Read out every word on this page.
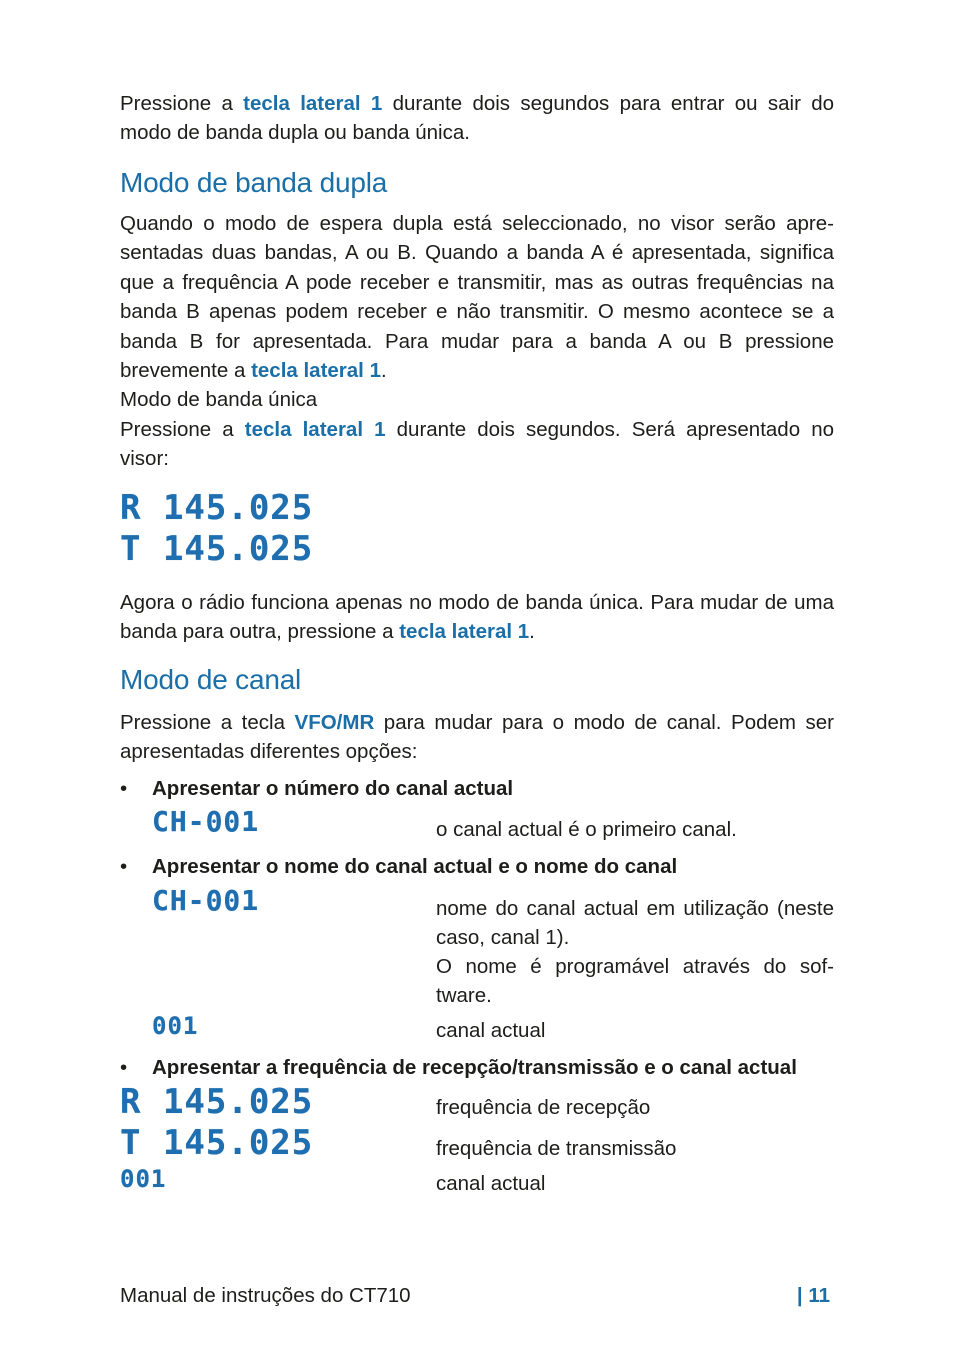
Pressione a tecla lateral 1 durante dois segundos para entrar ou sair do modo de banda dupla ou banda única.

Modo de banda dupla

Quando o modo de espera dupla está seleccionado, no visor serão apre-sentadas duas bandas, A ou B. Quando a banda A é apresentada, significa que a frequência A pode receber e transmitir, mas as outras frequências na banda B apenas podem receber e não transmitir. O mesmo acontece se a banda B for apresentada. Para mudar para a banda A ou B pressione brevemente a tecla lateral 1.

Modo de banda única

Pressione a tecla lateral 1 durante dois segundos. Será apresentado no visor:

R 145.025
T 145.025

Agora o rádio funciona apenas no modo de banda única. Para mudar de uma banda para outra, pressione a tecla lateral 1.

Modo de canal

Pressione a tecla VFO/MR para mudar para o modo de canal. Podem ser apresentadas diferentes opções:

• Apresentar o número do canal actual
CH-001	o canal actual é o primeiro canal.

• Apresentar o nome do canal actual e o nome do canal
CH-001	nome do canal actual em utilização (neste caso, canal 1).

O nome é programável através do sof-tware.

001	canal actual

• Apresentar a frequência de recepção/transmissão e o canal actual
R 145.025	frequência de recepção

T 145.025	frequência de transmissão

001	canal actual

Manual de instruções do CT710	| 11
